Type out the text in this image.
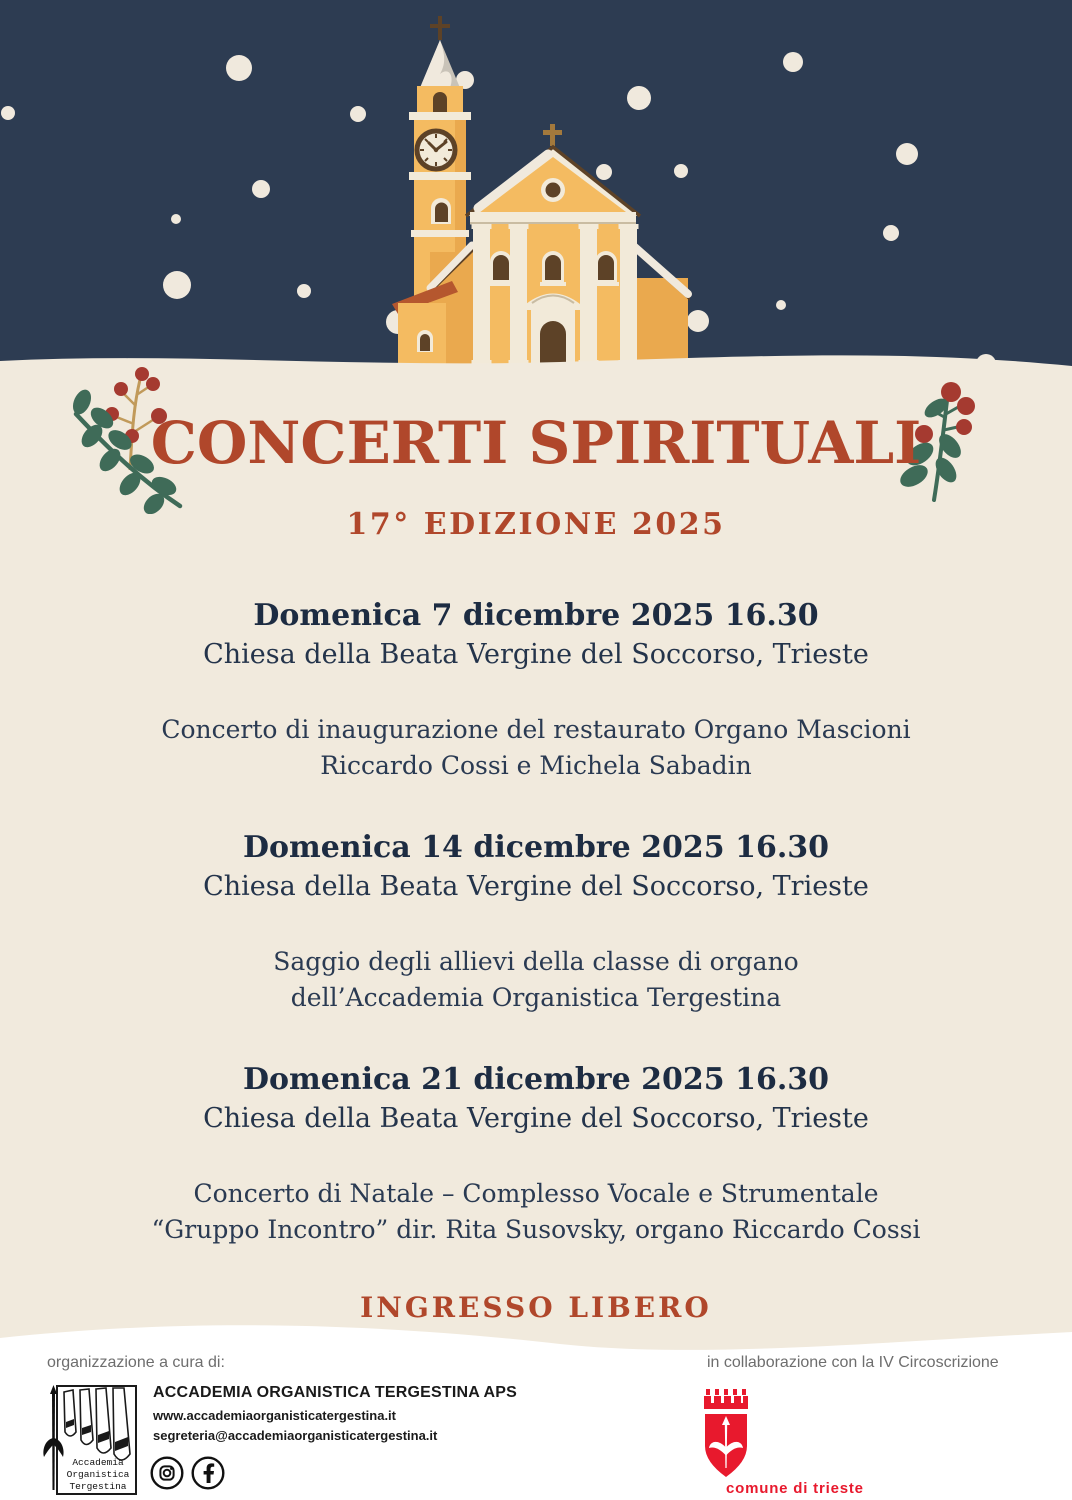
CONCERTI SPIRITUALI
17° EDIZIONE 2025
Domenica 7 dicembre 2025 16.30
Chiesa della Beata Vergine del Soccorso, Trieste
Concerto di inaugurazione del restaurato Organo Mascioni
Riccardo Cossi e Michela Sabadin
Domenica 14 dicembre 2025 16.30
Chiesa della Beata Vergine del Soccorso, Trieste
Saggio degli allievi della classe di organo
dell’Accademia Organistica Tergestina
Domenica 21 dicembre 2025 16.30
Chiesa della Beata Vergine del Soccorso, Trieste
Concerto di Natale – Complesso Vocale e Strumentale
“Gruppo Incontro” dir. Rita Susovsky, organo Riccardo Cossi
INGRESSO LIBERO
organizzazione a cura di:	in collaborazione con la IV Circoscrizione
Accademia
Organistica
Tergestina
ACCADEMIA ORGANISTICA TERGESTINA APS
www.accademiaorganisticatergestina.it
segreteria@accademiaorganisticatergestina.it
comune di trieste
